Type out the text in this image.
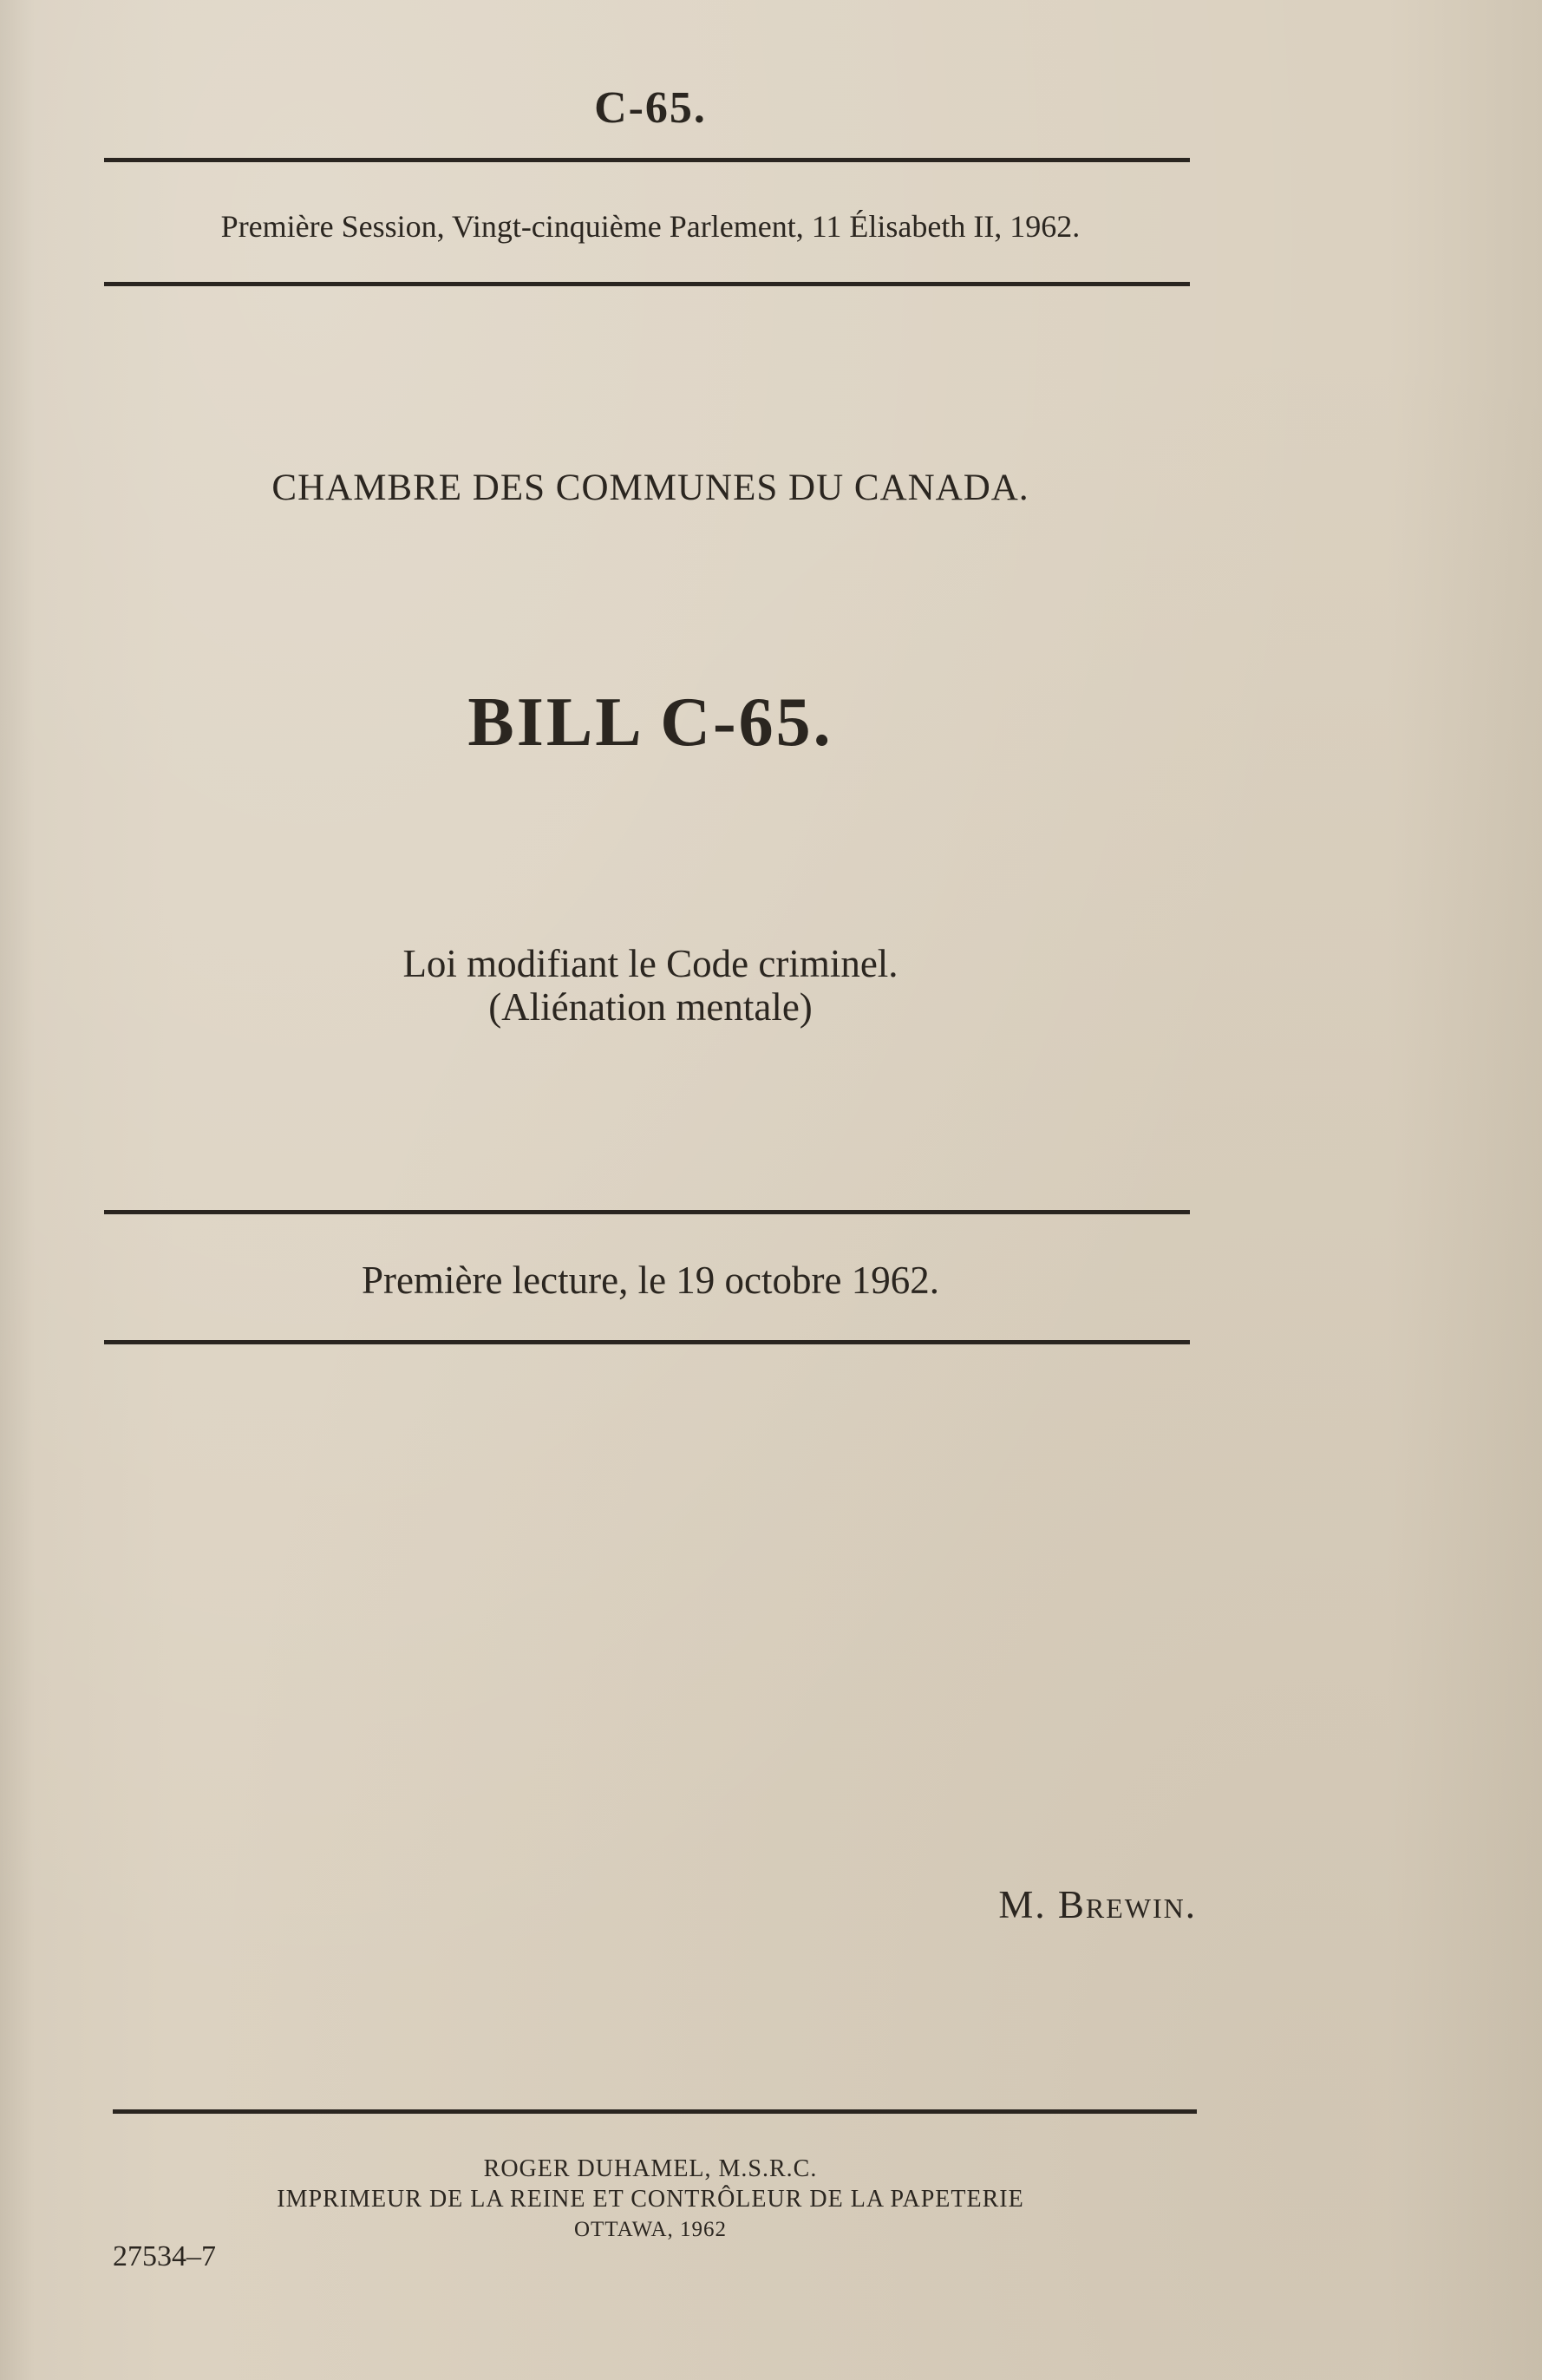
C-65.
Première Session, Vingt-cinquième Parlement, 11 Élisabeth II, 1962.
CHAMBRE DES COMMUNES DU CANADA.
BILL C-65.
Loi modifiant le Code criminel.
(Aliénation mentale)
Première lecture, le 19 octobre 1962.
M. Brewin.
ROGER DUHAMEL, M.S.R.C.
IMPRIMEUR DE LA REINE ET CONTRÔLEUR DE LA PAPETERIE
OTTAWA, 1962
27534–7
